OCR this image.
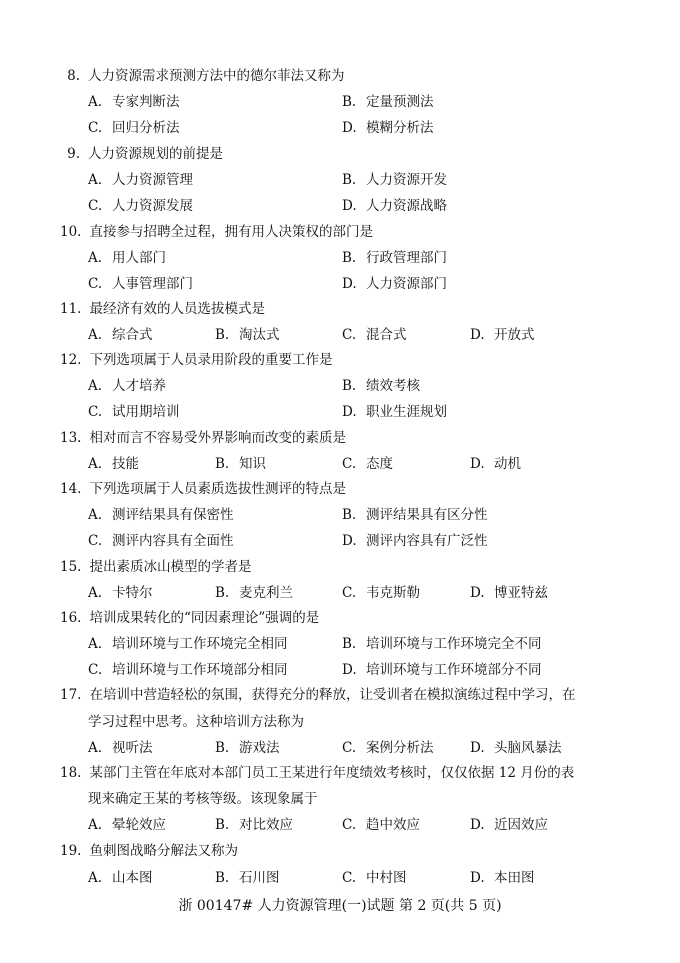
8. 人力资源需求预测方法中的德尔菲法又称为
A. 专家判断法	B. 定量预测法
C. 回归分析法	D. 模糊分析法
9. 人力资源规划的前提是
A. 人力资源管理	B. 人力资源开发
C. 人力资源发展	D. 人力资源战略
10. 直接参与招聘全过程，拥有用人决策权的部门是
A. 用人部门	B. 行政管理部门
C. 人事管理部门	D. 人力资源部门
11. 最经济有效的人员选拔模式是
A. 综合式	B. 淘汰式	C. 混合式	D. 开放式
12. 下列选项属于人员录用阶段的重要工作是
A. 人才培养	B. 绩效考核
C. 试用期培训	D. 职业生涯规划
13. 相对而言不容易受外界影响而改变的素质是
A. 技能	B. 知识	C. 态度	D. 动机
14. 下列选项属于人员素质选拔性测评的特点是
A. 测评结果具有保密性	B. 测评结果具有区分性
C. 测评内容具有全面性	D. 测评内容具有广泛性
15. 提出素质冰山模型的学者是
A. 卡特尔	B. 麦克利兰	C. 韦克斯勒	D. 博亚特兹
16. 培训成果转化的“同因素理论”强调的是
A. 培训环境与工作环境完全相同	B. 培训环境与工作环境完全不同
C. 培训环境与工作环境部分相同	D. 培训环境与工作环境部分不同
17. 在培训中营造轻松的氛围，获得充分的释放，让受训者在模拟演练过程中学习，在
学习过程中思考。这种培训方法称为
A. 视听法	B. 游戏法	C. 案例分析法	D. 头脑风暴法
18. 某部门主管在年底对本部门员工王某进行年度绩效考核时，仅仅依据 12 月份的表
现来确定王某的考核等级。该现象属于
A. 晕轮效应	B. 对比效应	C. 趋中效应	D. 近因效应
19. 鱼刺图战略分解法又称为
A. 山本图	B. 石川图	C. 中村图	D. 本田图
浙 00147# 人力资源管理(一)试题 第 2 页(共 5 页)
